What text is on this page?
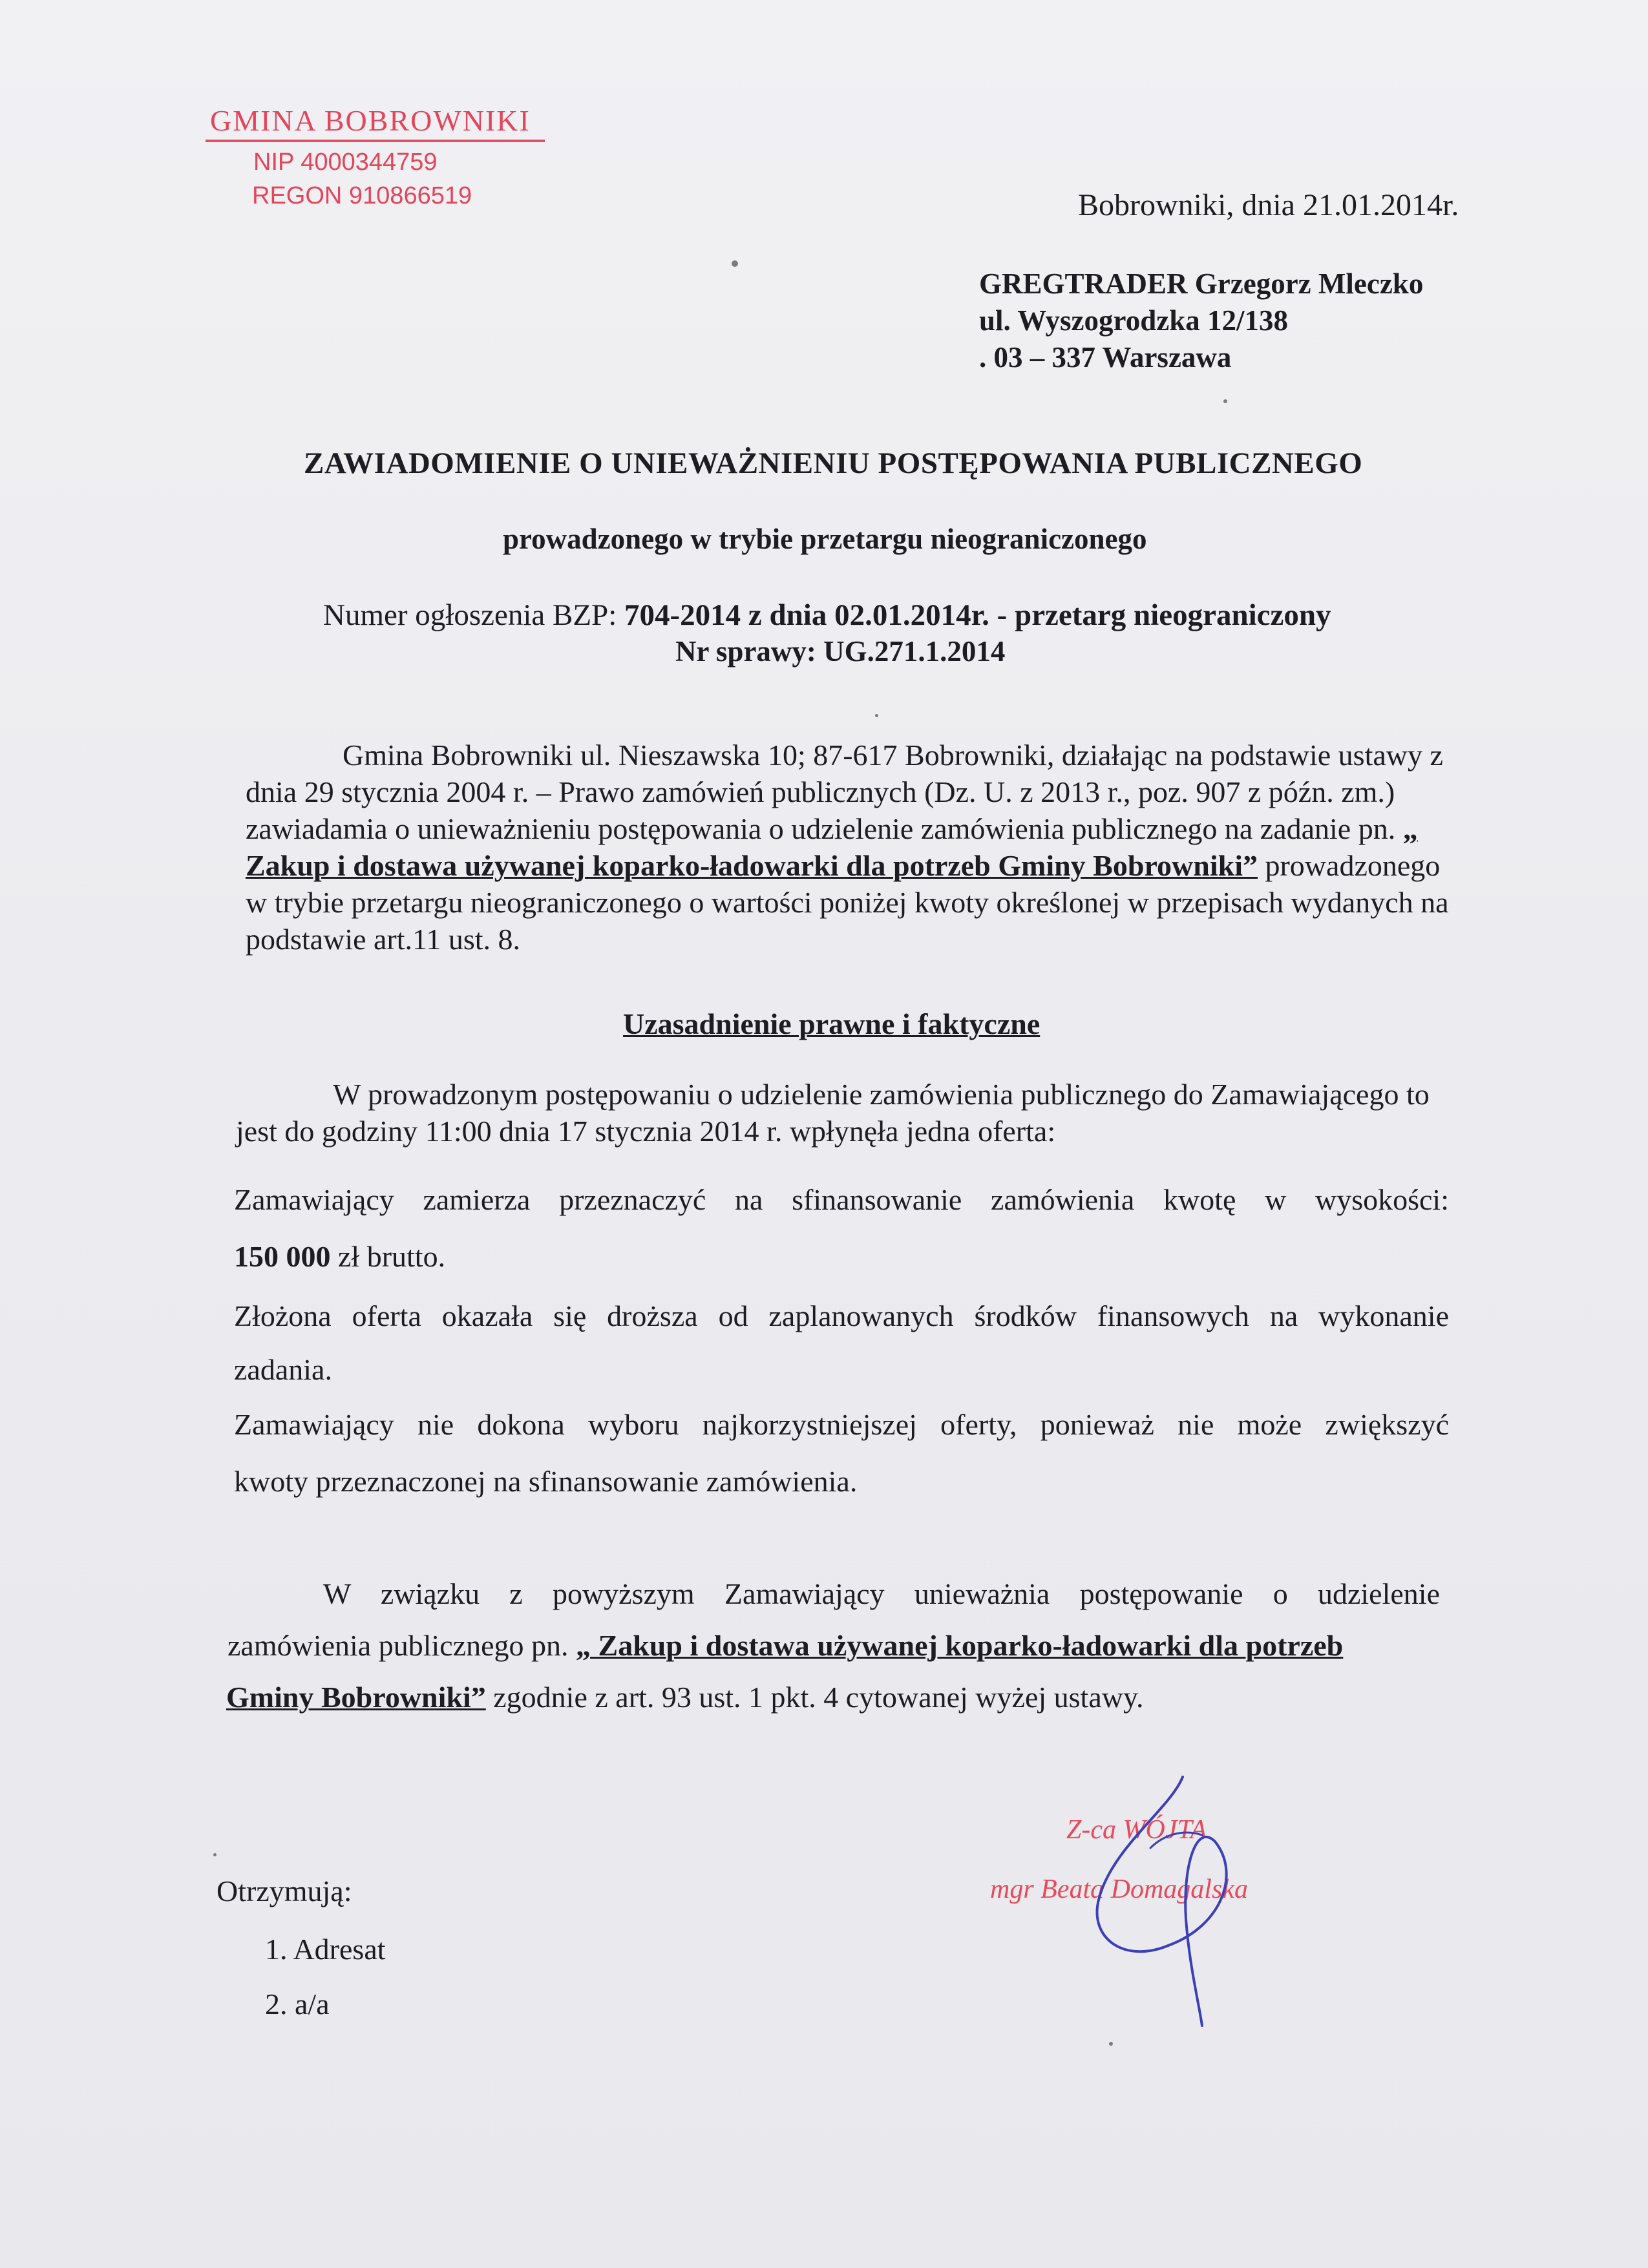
GMINA BOBROWNIKI
NIP 4000344759
REGON 910866519	Bobrowniki, dnia 21.01.2014r.
GREGTRADER Grzegorz Mleczko
ul. Wyszogrodzka 12/138
. 03 – 337 Warszawa
ZAWIADOMIENIE O UNIEWAŻNIENIU POSTĘPOWANIA PUBLICZNEGO
prowadzonego w trybie przetargu nieograniczonego
Numer ogłoszenia BZP: 704-2014 z dnia 02.01.2014r. - przetarg nieograniczony
Nr sprawy: UG.271.1.2014
Gmina Bobrowniki ul. Nieszawska 10; 87-617 Bobrowniki, działając na podstawie ustawy z dnia 29 stycznia 2004 r. – Prawo zamówień publicznych (Dz. U. z 2013 r., poz. 907 z późn. zm.) zawiadamia o unieważnieniu postępowania o udzielenie zamówienia publicznego na zadanie pn. „ Zakup i dostawa używanej koparko-ładowarki dla potrzeb Gminy Bobrowniki” prowadzonego w trybie przetargu nieograniczonego o wartości poniżej kwoty określonej w przepisach wydanych na podstawie art.11 ust. 8.
Uzasadnienie prawne i faktyczne
W prowadzonym postępowaniu o udzielenie zamówienia publicznego do Zamawiającego to jest do godziny 11:00 dnia 17 stycznia 2014 r. wpłynęła jedna oferta:
Zamawiający zamierza przeznaczyć na sfinansowanie zamówienia kwotę w wysokości:
150 000 zł brutto.
Złożona oferta okazała się droższa od zaplanowanych środków finansowych na wykonanie
zadania.
Zamawiający nie dokona wyboru najkorzystniejszej oferty, ponieważ nie może zwiększyć
kwoty przeznaczonej na sfinansowanie zamówienia.
W związku z powyższym Zamawiający unieważnia postępowanie o udzielenie
zamówienia publicznego pn. „ Zakup i dostawa używanej koparko-ładowarki dla potrzeb
Gminy Bobrowniki” zgodnie z art. 93 ust. 1 pkt. 4 cytowanej wyżej ustawy.
Z-ca WÓJTA
mgr Beata Domagalska
Otrzymują:
1. Adresat
2. a/a
